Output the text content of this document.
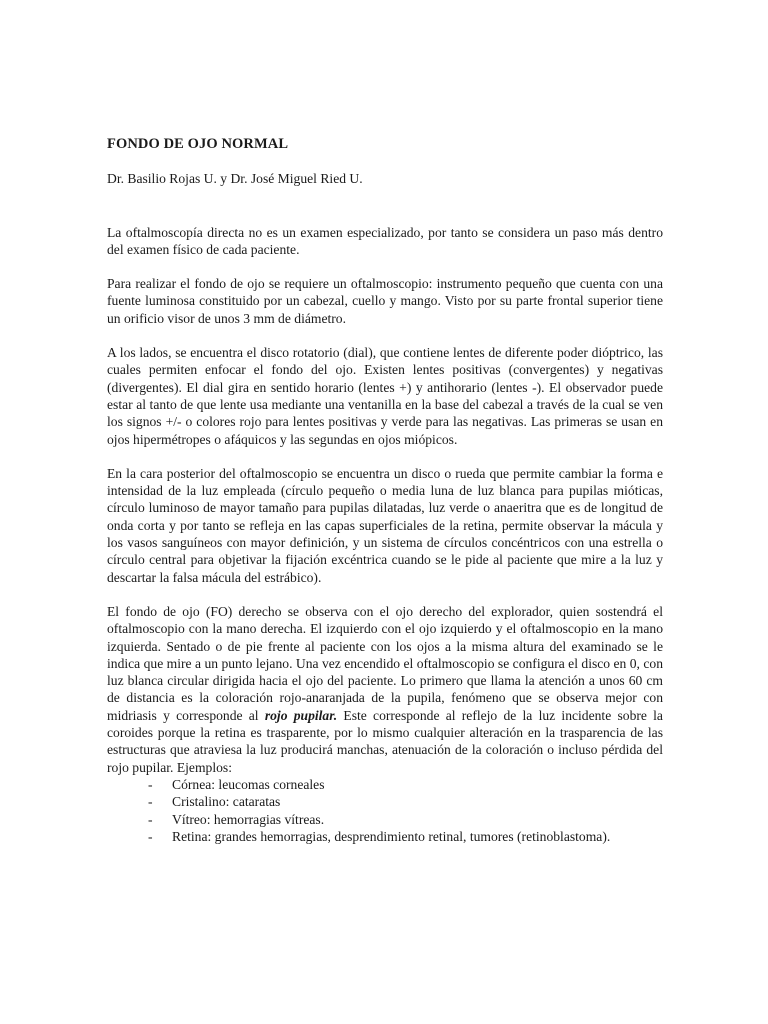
FONDO DE OJO NORMAL
Dr. Basilio Rojas U. y Dr. José Miguel Ried U.

La oftalmoscopía directa no es un examen especializado, por tanto se considera un paso más dentro del examen físico de cada paciente.

Para realizar el fondo de ojo se requiere un oftalmoscopio: instrumento pequeño que cuenta con una fuente luminosa constituido por un cabezal, cuello y mango. Visto por su parte frontal superior tiene un orificio visor de unos 3 mm de diámetro.

A los lados, se encuentra el disco rotatorio (dial), que contiene lentes de diferente poder dióptrico, las cuales permiten enfocar el fondo del ojo. Existen lentes positivas (convergentes) y negativas (divergentes). El dial gira en sentido horario (lentes +) y antihorario (lentes -). El observador puede estar al tanto de que lente usa mediante una ventanilla en la base del cabezal a través de la cual se ven los signos +/- o colores rojo para lentes positivas y verde para las negativas. Las primeras se usan en ojos hipermétropes o afáquicos y las segundas en ojos miópicos.

En la cara posterior del oftalmoscopio se encuentra un disco o rueda que permite cambiar la forma e intensidad de la luz empleada (círculo pequeño o media luna de luz blanca para pupilas mióticas, círculo luminoso de mayor tamaño para pupilas dilatadas, luz verde o anaeritra que es de longitud de onda corta y por tanto se refleja en las capas superficiales de la retina, permite observar la mácula y los vasos sanguíneos con mayor definición, y un sistema de círculos concéntricos con una estrella o círculo central para objetivar la fijación excéntrica cuando se le pide al paciente que mire a la luz y descartar la falsa mácula del estrábico).

El fondo de ojo (FO) derecho se observa con el ojo derecho del explorador, quien sostendrá el oftalmoscopio con la mano derecha. El izquierdo con el ojo izquierdo y el oftalmoscopio en la mano izquierda. Sentado o de pie frente al paciente con los ojos a la misma altura del examinado se le indica que mire a un punto lejano. Una vez encendido el oftalmoscopio se configura el disco en 0, con luz blanca circular dirigida hacia el ojo del paciente. Lo primero que llama la atención a unos 60 cm de distancia es la coloración rojo-anaranjada de la pupila, fenómeno que se observa mejor con midriasis y corresponde al rojo pupilar. Este corresponde al reflejo de la luz incidente sobre la coroides porque la retina es trasparente, por lo mismo cualquier alteración en la trasparencia de las estructuras que atraviesa la luz producirá manchas, atenuación de la coloración o incluso pérdida del rojo pupilar. Ejemplos:

- Córnea: leucomas corneales
- Cristalino: cataratas
- Vítreo: hemorragias vítreas.
- Retina: grandes hemorragias, desprendimiento retinal, tumores (retinoblastoma).
